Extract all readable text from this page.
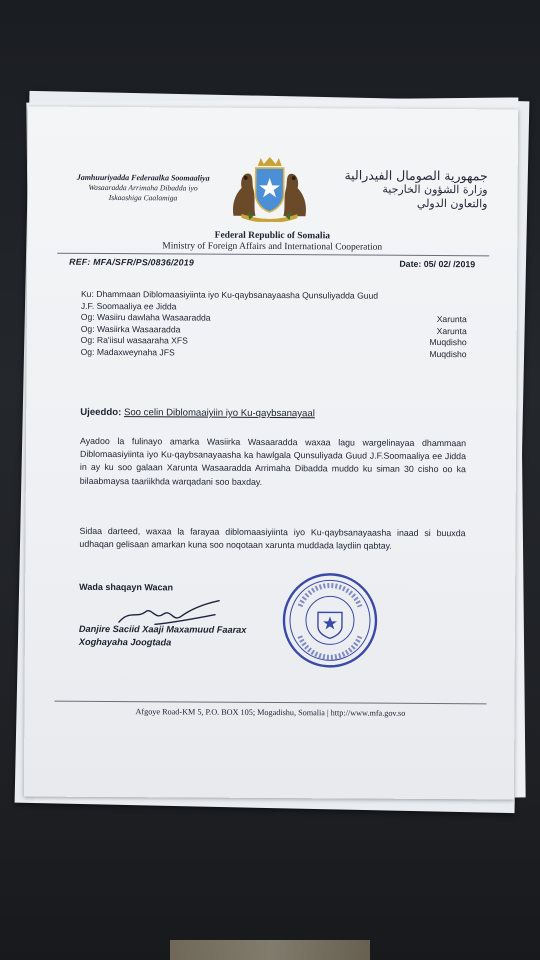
Jamhuuriyadda Federaalka Soomaaliya
Wasaaradda Arrimaha Dibadda iyo
Iskaashiga Caalamiga
جمهورية الصومال الفيدرالية
وزارة الشؤون الخارجية
والتعاون الدولي
Federal Republic of Somalia
Ministry of Foreign Affairs and International Cooperation
REF: MFA/SFR/PS/0836/2019	Date: 05/ 02/ /2019
Ku: Dhammaan Diblomaasiyiinta iyo Ku-qaybsanayaasha Qunsuliyadda Guud
J.F. Soomaaliya ee Jidda
Og: Wasiiru dawlaha Wasaaradda	Xarunta
Og: Wasiirka Wasaaradda	Xarunta
Og: Ra'iisul wasaaraha XFS	Muqdisho
Og: Madaxweynaha JFS	Muqdisho
Ujeeddo: Soo celin Diblomaaiyiin iyo Ku-qaybsanayaal
Ayadoo la fulinayo amarka Wasiirka Wasaaradda waxaa lagu wargelinayaa dhammaan Diblomaasiyiinta iyo Ku-qaybsanayaasha ka hawlgala Qunsuliyada Guud J.F.Soomaaliya ee Jidda in ay ku soo galaan Xarunta Wasaaradda Arrimaha Dibadda muddo ku siman 30 cisho oo ka bilaabmaysa taariikhda warqadani soo baxday.
Sidaa darteed, waxaa la farayaa diblomaasiyiinta iyo Ku-qaybsanayaasha inaad si buuxda udhaqan gelisaan amarkan kuna soo noqotaan xarunta muddada laydiin qabtay.
Wada shaqayn Wacan
Danjire Saciid Xaaji Maxamuud Faarax
Xoghayaha Joogtada
Afgoye Road-KM 5, P.O. BOX 105; Mogadishu, Somalia | http://www.mfa.gov.so
